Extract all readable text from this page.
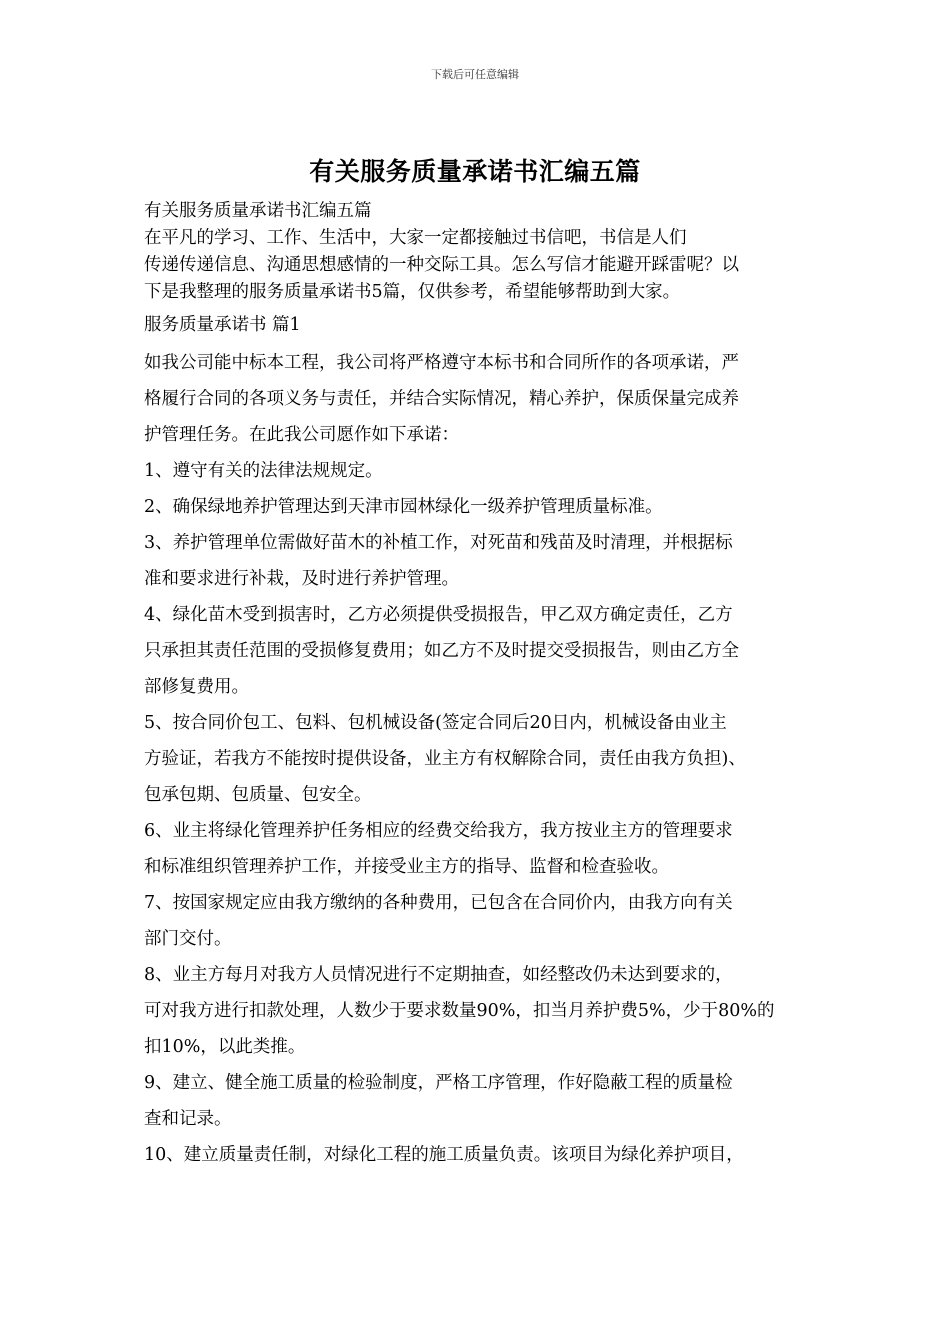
下载后可任意编辑
有关服务质量承诺书汇编五篇
有关服务质量承诺书汇编五篇
在平凡的学习、工作、生活中，大家一定都接触过书信吧，书信是人们
传递传递信息、沟通思想感情的一种交际工具。怎么写信才能避开踩雷呢？以
下是我整理的服务质量承诺书5篇，仅供参考，希望能够帮助到大家。
服务质量承诺书 篇1
如我公司能中标本工程，我公司将严格遵守本标书和合同所作的各项承诺，严
格履行合同的各项义务与责任，并结合实际情况，精心养护，保质保量完成养
护管理任务。在此我公司愿作如下承诺：
1、遵守有关的法律法规规定。
2、确保绿地养护管理达到天津市园林绿化一级养护管理质量标准。
3、养护管理单位需做好苗木的补植工作，对死苗和残苗及时清理，并根据标
准和要求进行补栽，及时进行养护管理。
4、绿化苗木受到损害时，乙方必须提供受损报告，甲乙双方确定责任，乙方
只承担其责任范围的受损修复费用；如乙方不及时提交受损报告，则由乙方全
部修复费用。
5、按合同价包工、包料、包机械设备(签定合同后20日内，机械设备由业主
方验证，若我方不能按时提供设备，业主方有权解除合同，责任由我方负担)、
包承包期、包质量、包安全。
6、业主将绿化管理养护任务相应的经费交给我方，我方按业主方的管理要求
和标准组织管理养护工作，并接受业主方的指导、监督和检查验收。
7、按国家规定应由我方缴纳的各种费用，已包含在合同价内，由我方向有关
部门交付。
8、业主方每月对我方人员情况进行不定期抽查，如经整改仍未达到要求的，
可对我方进行扣款处理，人数少于要求数量90%，扣当月养护费5%，少于80%的
扣10%，以此类推。
9、建立、健全施工质量的检验制度，严格工序管理，作好隐蔽工程的质量检
查和记录。
10、建立质量责任制，对绿化工程的施工质量负责。该项目为绿化养护项目，
